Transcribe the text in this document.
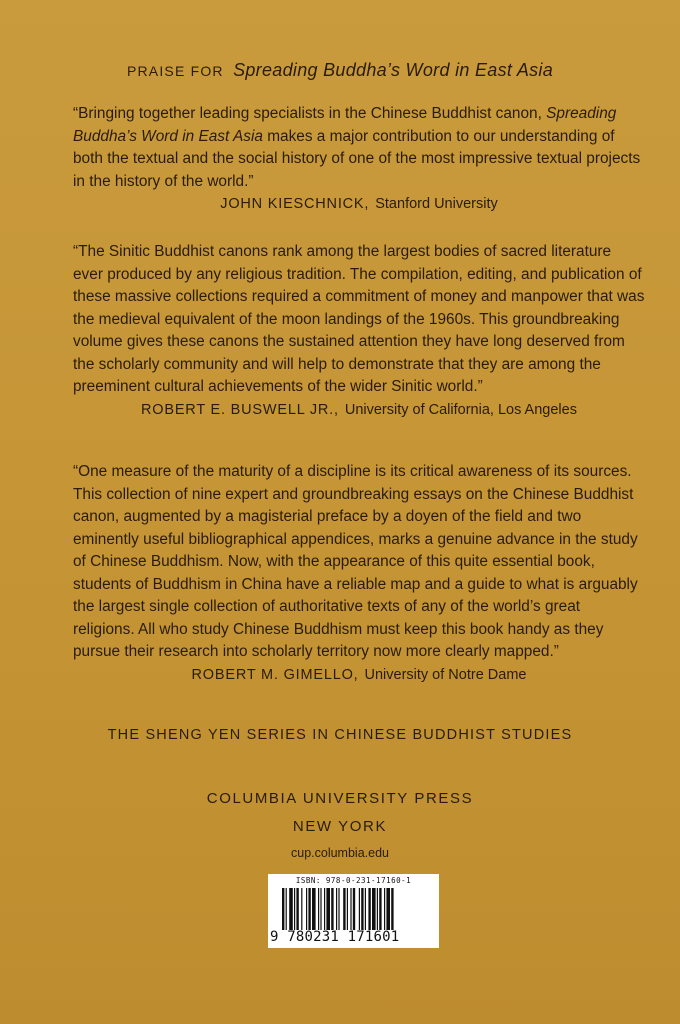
PRAISE FOR Spreading Buddha’s Word in East Asia

“Bringing together leading specialists in the Chinese Buddhist canon, Spreading Buddha’s Word in East Asia makes a major contribution to our understanding of both the textual and the social history of one of the most impressive textual projects in the history of the world.”

JOHN KIESCHNICK, Stanford University

“The Sinitic Buddhist canons rank among the largest bodies of sacred literature ever produced by any religious tradition. The compilation, editing, and publication of these massive collections required a commitment of money and manpower that was the medieval equivalent of the moon landings of the 1960s. This groundbreaking volume gives these canons the sustained attention they have long deserved from the scholarly community and will help to demonstrate that they are among the preeminent cultural achievements of the wider Sinitic world.”

ROBERT E. BUSWELL JR., University of California, Los Angeles

“One measure of the maturity of a discipline is its critical awareness of its sources. This collection of nine expert and groundbreaking essays on the Chinese Buddhist canon, augmented by a magisterial preface by a doyen of the field and two eminently useful bibliographical appendices, marks a genuine advance in the study of Chinese Buddhism. Now, with the appearance of this quite essential book, students of Buddhism in China have a reliable map and a guide to what is arguably the largest single collection of authoritative texts of any of the world’s great religions. All who study Chinese Buddhism must keep this book handy as they pursue their research into scholarly territory now more clearly mapped.”

ROBERT M. GIMELLO, University of Notre Dame

THE SHENG YEN SERIES IN CHINESE BUDDHIST STUDIES
COLUMBIA UNIVERSITY PRESS
NEW YORK
cup.columbia.edu
ISBN: 978-0-231-17160-1
9 780231 171601
